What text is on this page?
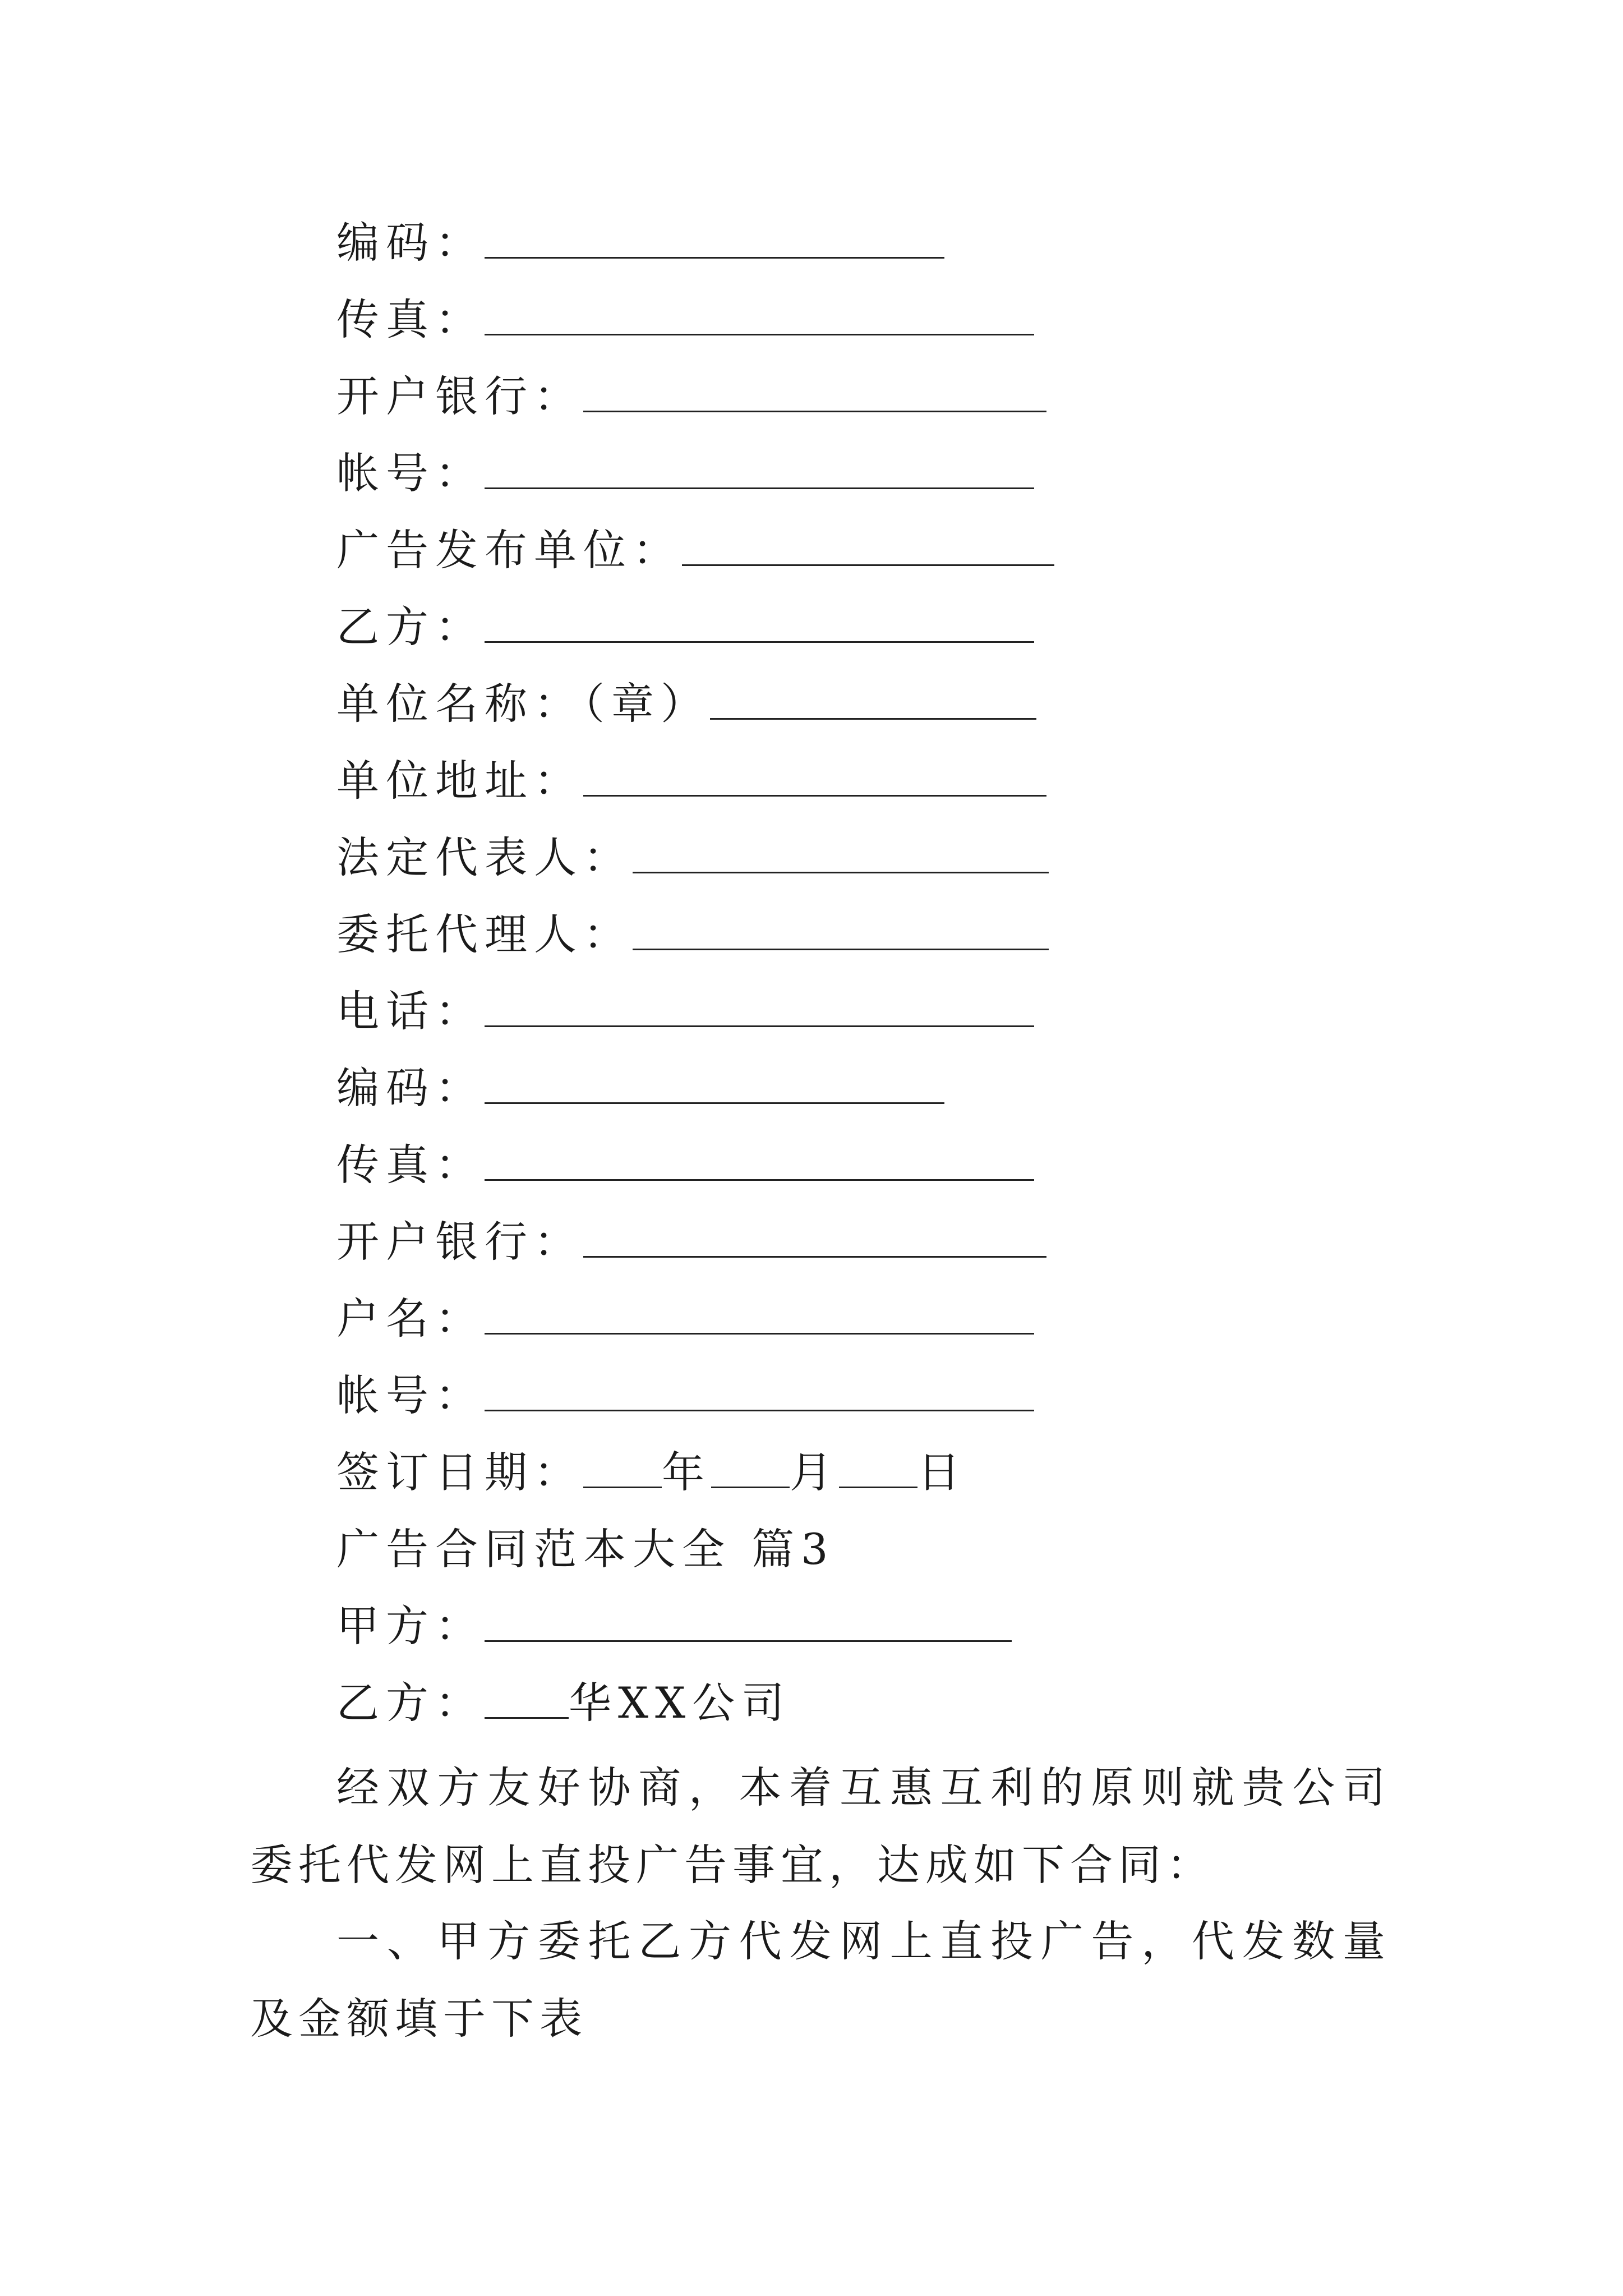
编码：
传真：
开户银行：
帐号：
广告发布单位：
乙方：
单位名称：（章）
单位地址：
法定代表人：
委托代理人：
电话：
编码：
传真：
开户银行：
户名：
帐号：
签订日期： 年 月 日
广告合同范本大全 篇3
甲方：
乙方： 华XX公司
经双方友好协商，本着互惠互利的原则就贵公司委托代发网上直投广告事宜，达成如下合同：
一、甲方委托乙方代发网上直投广告，代发数量及金额填于下表
